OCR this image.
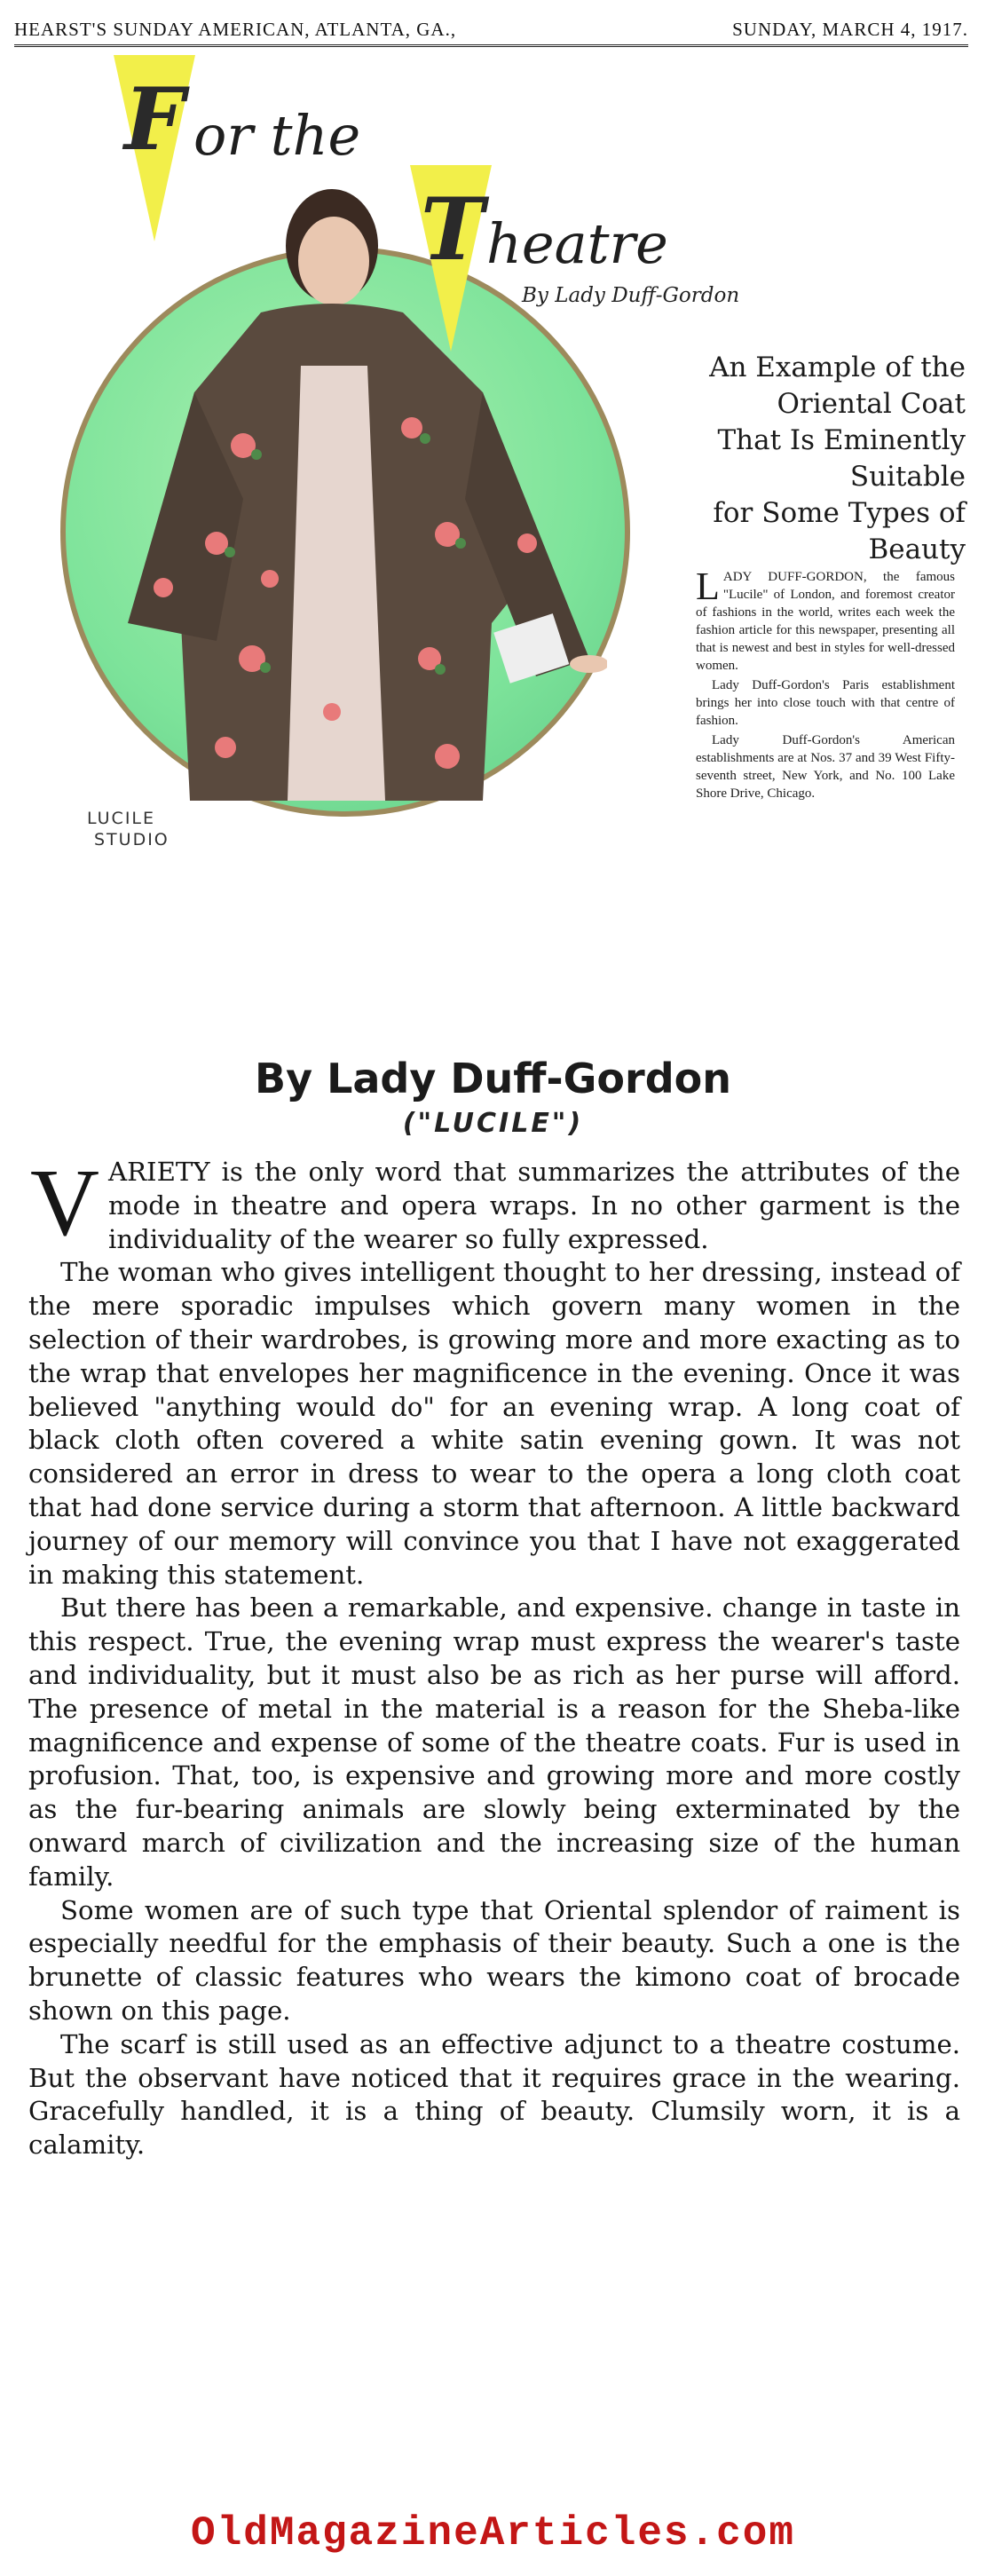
HEARST'S SUNDAY AMERICAN, ATLANTA, GA.,	SUNDAY, MARCH 4, 1917.
F or the
T heatre
By Lady Duff-Gordon
LUCILE
STUDIO
An Example of the
Oriental Coat
That Is Eminently
Suitable
for Some Types of
Beauty

LADY DUFF-GORDON, the famous "Lucile" of London, and foremost creator of fashions in the world, writes each week the fashion article for this newspaper, presenting all that is newest and best in styles for well-dressed women.

Lady Duff-Gordon's Paris establishment brings her into close touch with that centre of fashion.

Lady Duff-Gordon's American establishments are at Nos. 37 and 39 West Fifty-seventh street, New York, and No. 100 Lake Shore Drive, Chicago.

By Lady Duff-Gordon
("LUCILE")

VARIETY is the only word that summarizes the attributes of the mode in theatre and opera wraps. In no other garment is the individuality of the wearer so fully expressed.

The woman who gives intelligent thought to her dressing, instead of the mere sporadic impulses which govern many women in the selection of their wardrobes, is growing more and more exacting as to the wrap that envelopes her magnificence in the evening. Once it was believed "anything would do" for an evening wrap. A long coat of black cloth often covered a white satin evening gown. It was not considered an error in dress to wear to the opera a long cloth coat that had done service during a storm that afternoon. A little backward journey of our memory will convince you that I have not exaggerated in making this statement.

But there has been a remarkable, and expensive. change in taste in this respect. True, the evening wrap must express the wearer's taste and individuality, but it must also be as rich as her purse will afford. The presence of metal in the material is a reason for the Sheba-like magnificence and expense of some of the theatre coats. Fur is used in profusion. That, too, is expensive and growing more and more costly as the fur-bearing animals are slowly being exterminated by the onward march of civilization and the increasing size of the human family.

Some women are of such type that Oriental splendor of raiment is especially needful for the emphasis of their beauty. Such a one is the brunette of classic features who wears the kimono coat of brocade shown on this page.

The scarf is still used as an effective adjunct to a theatre costume. But the observant have noticed that it requires grace in the wearing. Gracefully handled, it is a thing of beauty. Clumsily worn, it is a calamity.

OldMagazineArticles.com
